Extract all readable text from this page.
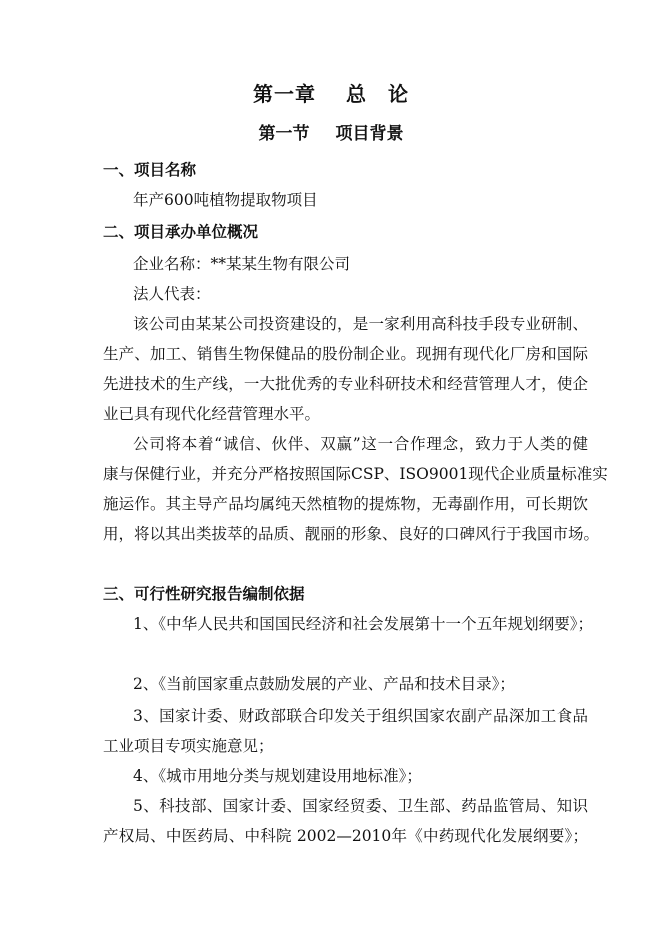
第一章 总　论
第一节 项目背景
一、项目名称
年产600吨植物提取物项目
二、项目承办单位概况
企业名称：**某某生物有限公司
法人代表：
该公司由某某公司投资建设的，是一家利用高科技手段专业研制、
生产、加工、销售生物保健品的股份制企业。现拥有现代化厂房和国际
先进技术的生产线，一大批优秀的专业科研技术和经营管理人才，使企
业已具有现代化经营管理水平。
公司将本着“诚信、伙伴、双赢”这一合作理念，致力于人类的健
康与保健行业，并充分严格按照国际CSP、ISO9001现代企业质量标准实
施运作。其主导产品均属纯天然植物的提炼物，无毒副作用，可长期饮
用，将以其出类拔萃的品质、靓丽的形象、良好的口碑风行于我国市场。
三、可行性研究报告编制依据
1、《中华人民共和国国民经济和社会发展第十一个五年规划纲要》；
2、《当前国家重点鼓励发展的产业、产品和技术目录》；
3、国家计委、财政部联合印发关于组织国家农副产品深加工食品
工业项目专项实施意见；
4、《城市用地分类与规划建设用地标准》；
5、科技部、国家计委、国家经贸委、卫生部、药品监管局、知识
产权局、中医药局、中科院 2002—2010年《中药现代化发展纲要》；
